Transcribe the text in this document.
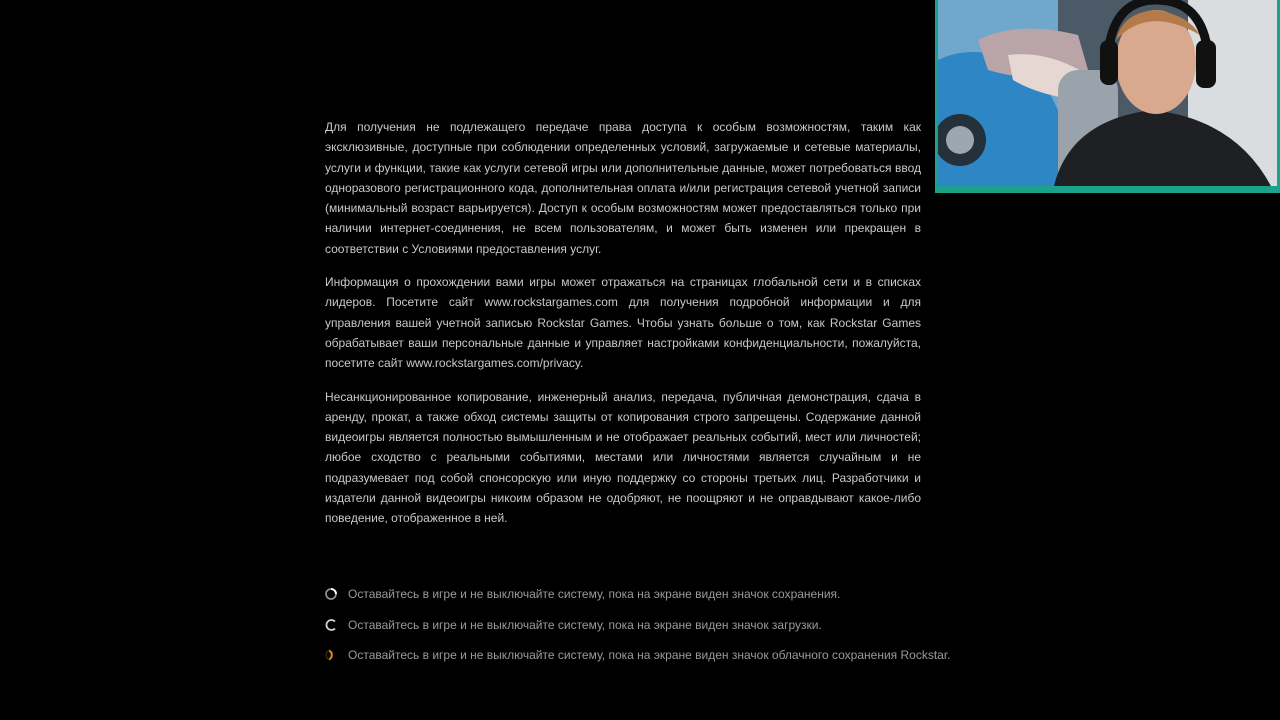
Для получения не подлежащего передаче права доступа к особым возможностям, таким как эксклюзивные, доступные при соблюдении определенных условий, загружаемые и сетевые материалы, услуги и функции, такие как услуги сетевой игры или дополнительные данные, может потребоваться ввод одноразового регистрационного кода, дополнительная оплата и/или регистрация сетевой учетной записи (минимальный возраст варьируется). Доступ к особым возможностям может предоставляться только при наличии интернет-соединения, не всем пользователям, и может быть изменен или прекращен в соответствии с Условиями предоставления услуг.

Информация о прохождении вами игры может отражаться на страницах глобальной сети и в списках лидеров. Посетите сайт www.rockstargames.com для получения подробной информации и для управления вашей учетной записью Rockstar Games. Чтобы узнать больше о том, как Rockstar Games обрабатывает ваши персональные данные и управляет настройками конфиденциальности, пожалуйста, посетите сайт www.rockstargames.com/privacy.

Несанкционированное копирование, инженерный анализ, передача, публичная демонстрация, сдача в аренду, прокат, а также обход системы защиты от копирования строго запрещены. Содержание данной видеоигры является полностью вымышленным и не отображает реальных событий, мест или личностей; любое сходство с реальными событиями, местами или личностями является случайным и не подразумевает под собой спонсорскую или иную поддержку со стороны третьих лиц. Разработчики и издатели данной видеоигры никоим образом не одобряют, не поощряют и не оправдывают какое-либо поведение, отображенное в ней.

Оставайтесь в игре и не выключайте систему, пока на экране виден значок сохранения.
Оставайтесь в игре и не выключайте систему, пока на экране виден значок загрузки.
Оставайтесь в игре и не выключайте систему, пока на экране виден значок облачного сохранения Rockstar.
